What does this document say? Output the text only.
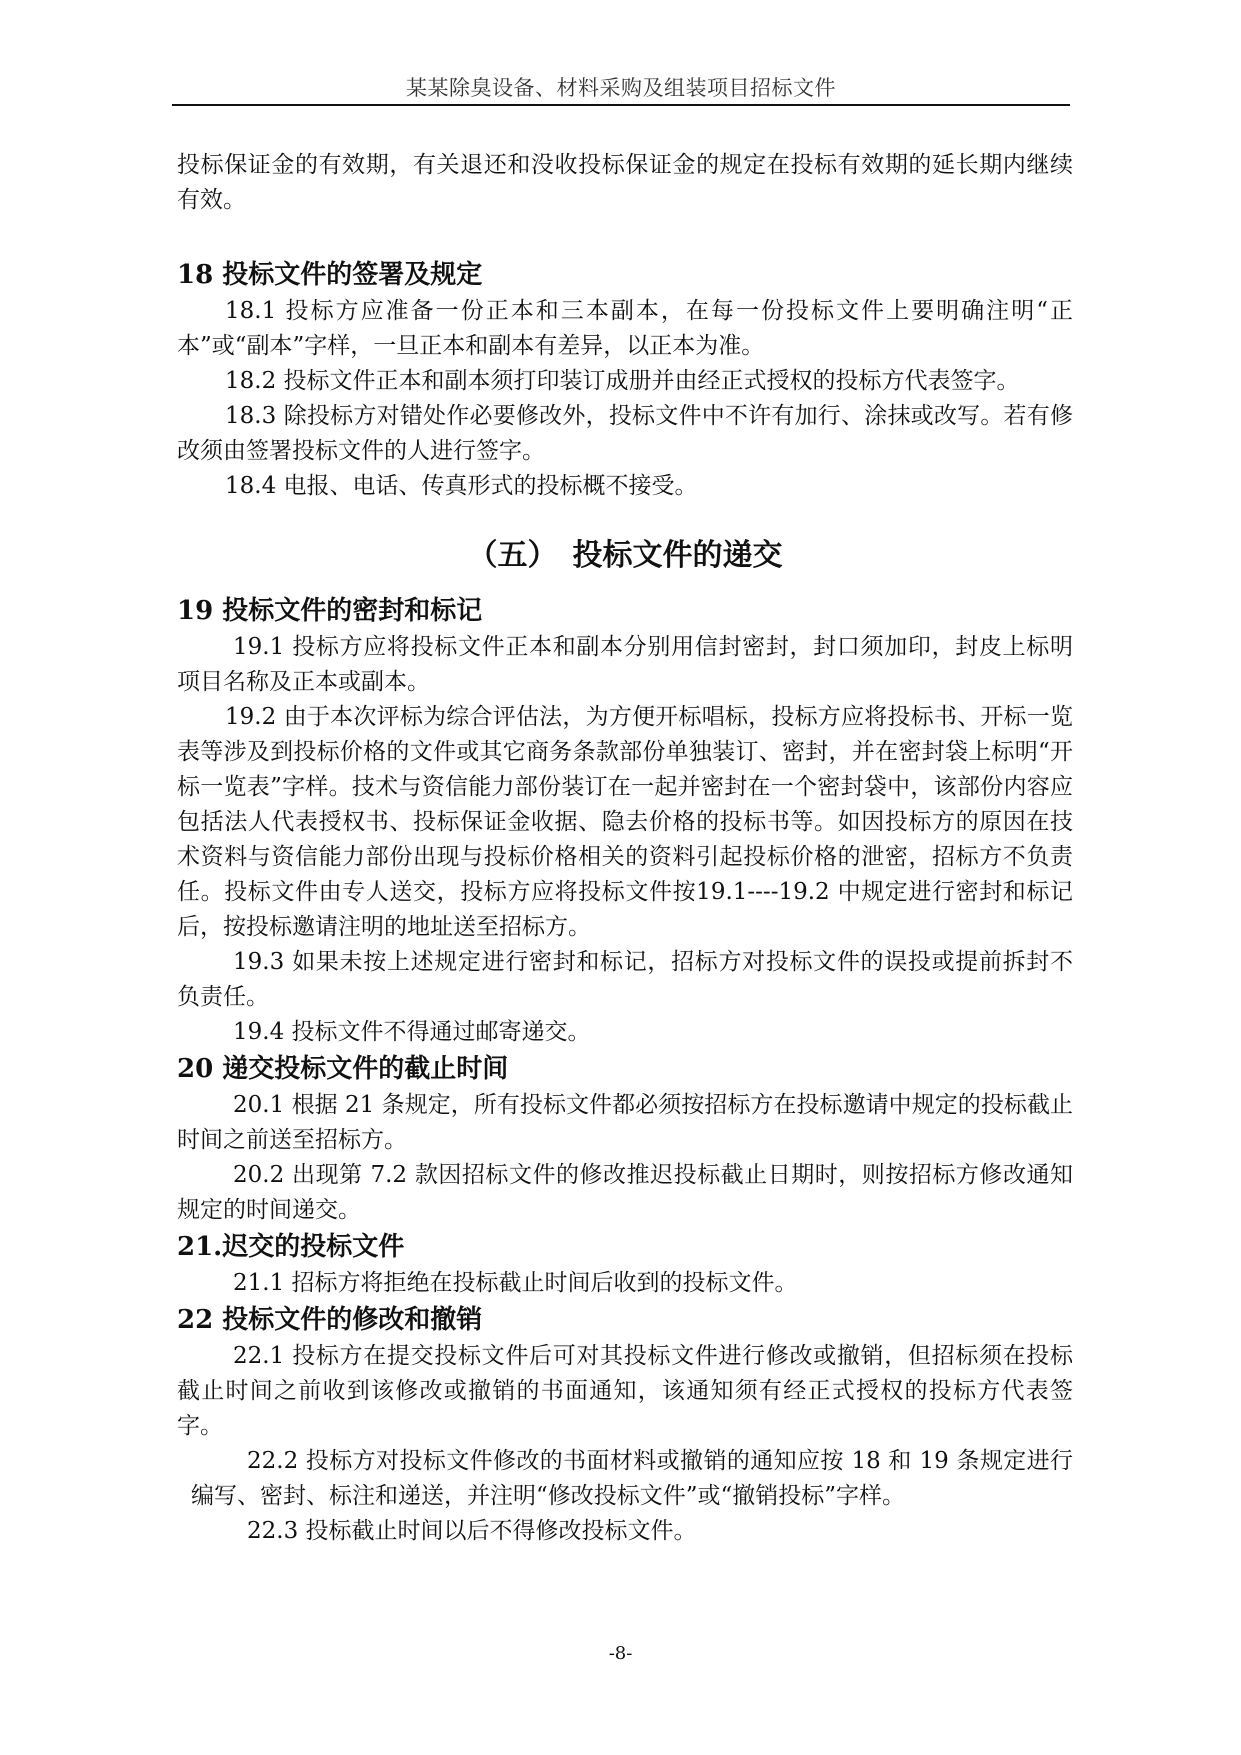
某某除臭设备、材料采购及组装项目招标文件

投标保证金的有效期，有关退还和没收投标保证金的规定在投标有效期的延长期内继续有效。

18 投标文件的签署及规定

18.1 投标方应准备一份正本和三本副本，在每一份投标文件上要明确注明“正本”或“副本”字样，一旦正本和副本有差异，以正本为准。

18.2 投标文件正本和副本须打印装订成册并由经正式授权的投标方代表签字。

18.3 除投标方对错处作必要修改外，投标文件中不许有加行、涂抹或改写。若有修改须由签署投标文件的人进行签字。

18.4 电报、电话、传真形式的投标概不接受。

（五）　投标文件的递交
19 投标文件的密封和标记

19.1 投标方应将投标文件正本和副本分别用信封密封，封口须加印，封皮上标明项目名称及正本或副本。

19.2 由于本次评标为综合评估法，为方便开标唱标，投标方应将投标书、开标一览表等涉及到投标价格的文件或其它商务条款部份单独装订、密封，并在密封袋上标明“开标一览表”字样。技术与资信能力部份装订在一起并密封在一个密封袋中，该部份内容应包括法人代表授权书、投标保证金收据、隐去价格的投标书等。如因投标方的原因在技术资料与资信能力部份出现与投标价格相关的资料引起投标价格的泄密，招标方不负责任。投标文件由专人送交，投标方应将投标文件按19.1----19.2 中规定进行密封和标记后，按投标邀请注明的地址送至招标方。

19.3 如果未按上述规定进行密封和标记，招标方对投标文件的误投或提前拆封不负责任。

19.4 投标文件不得通过邮寄递交。

20 递交投标文件的截止时间

20.1 根据 21 条规定，所有投标文件都必须按招标方在投标邀请中规定的投标截止时间之前送至招标方。

20.2 出现第 7.2 款因招标文件的修改推迟投标截止日期时，则按招标方修改通知规定的时间递交。

21.迟交的投标文件

21.1 招标方将拒绝在投标截止时间后收到的投标文件。

22 投标文件的修改和撤销

22.1 投标方在提交投标文件后可对其投标文件进行修改或撤销，但招标须在投标截止时间之前收到该修改或撤销的书面通知，该通知须有经正式授权的投标方代表签字。

22.2 投标方对投标文件修改的书面材料或撤销的通知应按 18 和 19 条规定进行编写、密封、标注和递送，并注明“修改投标文件”或“撤销投标”字样。

22.3 投标截止时间以后不得修改投标文件。

-8-
